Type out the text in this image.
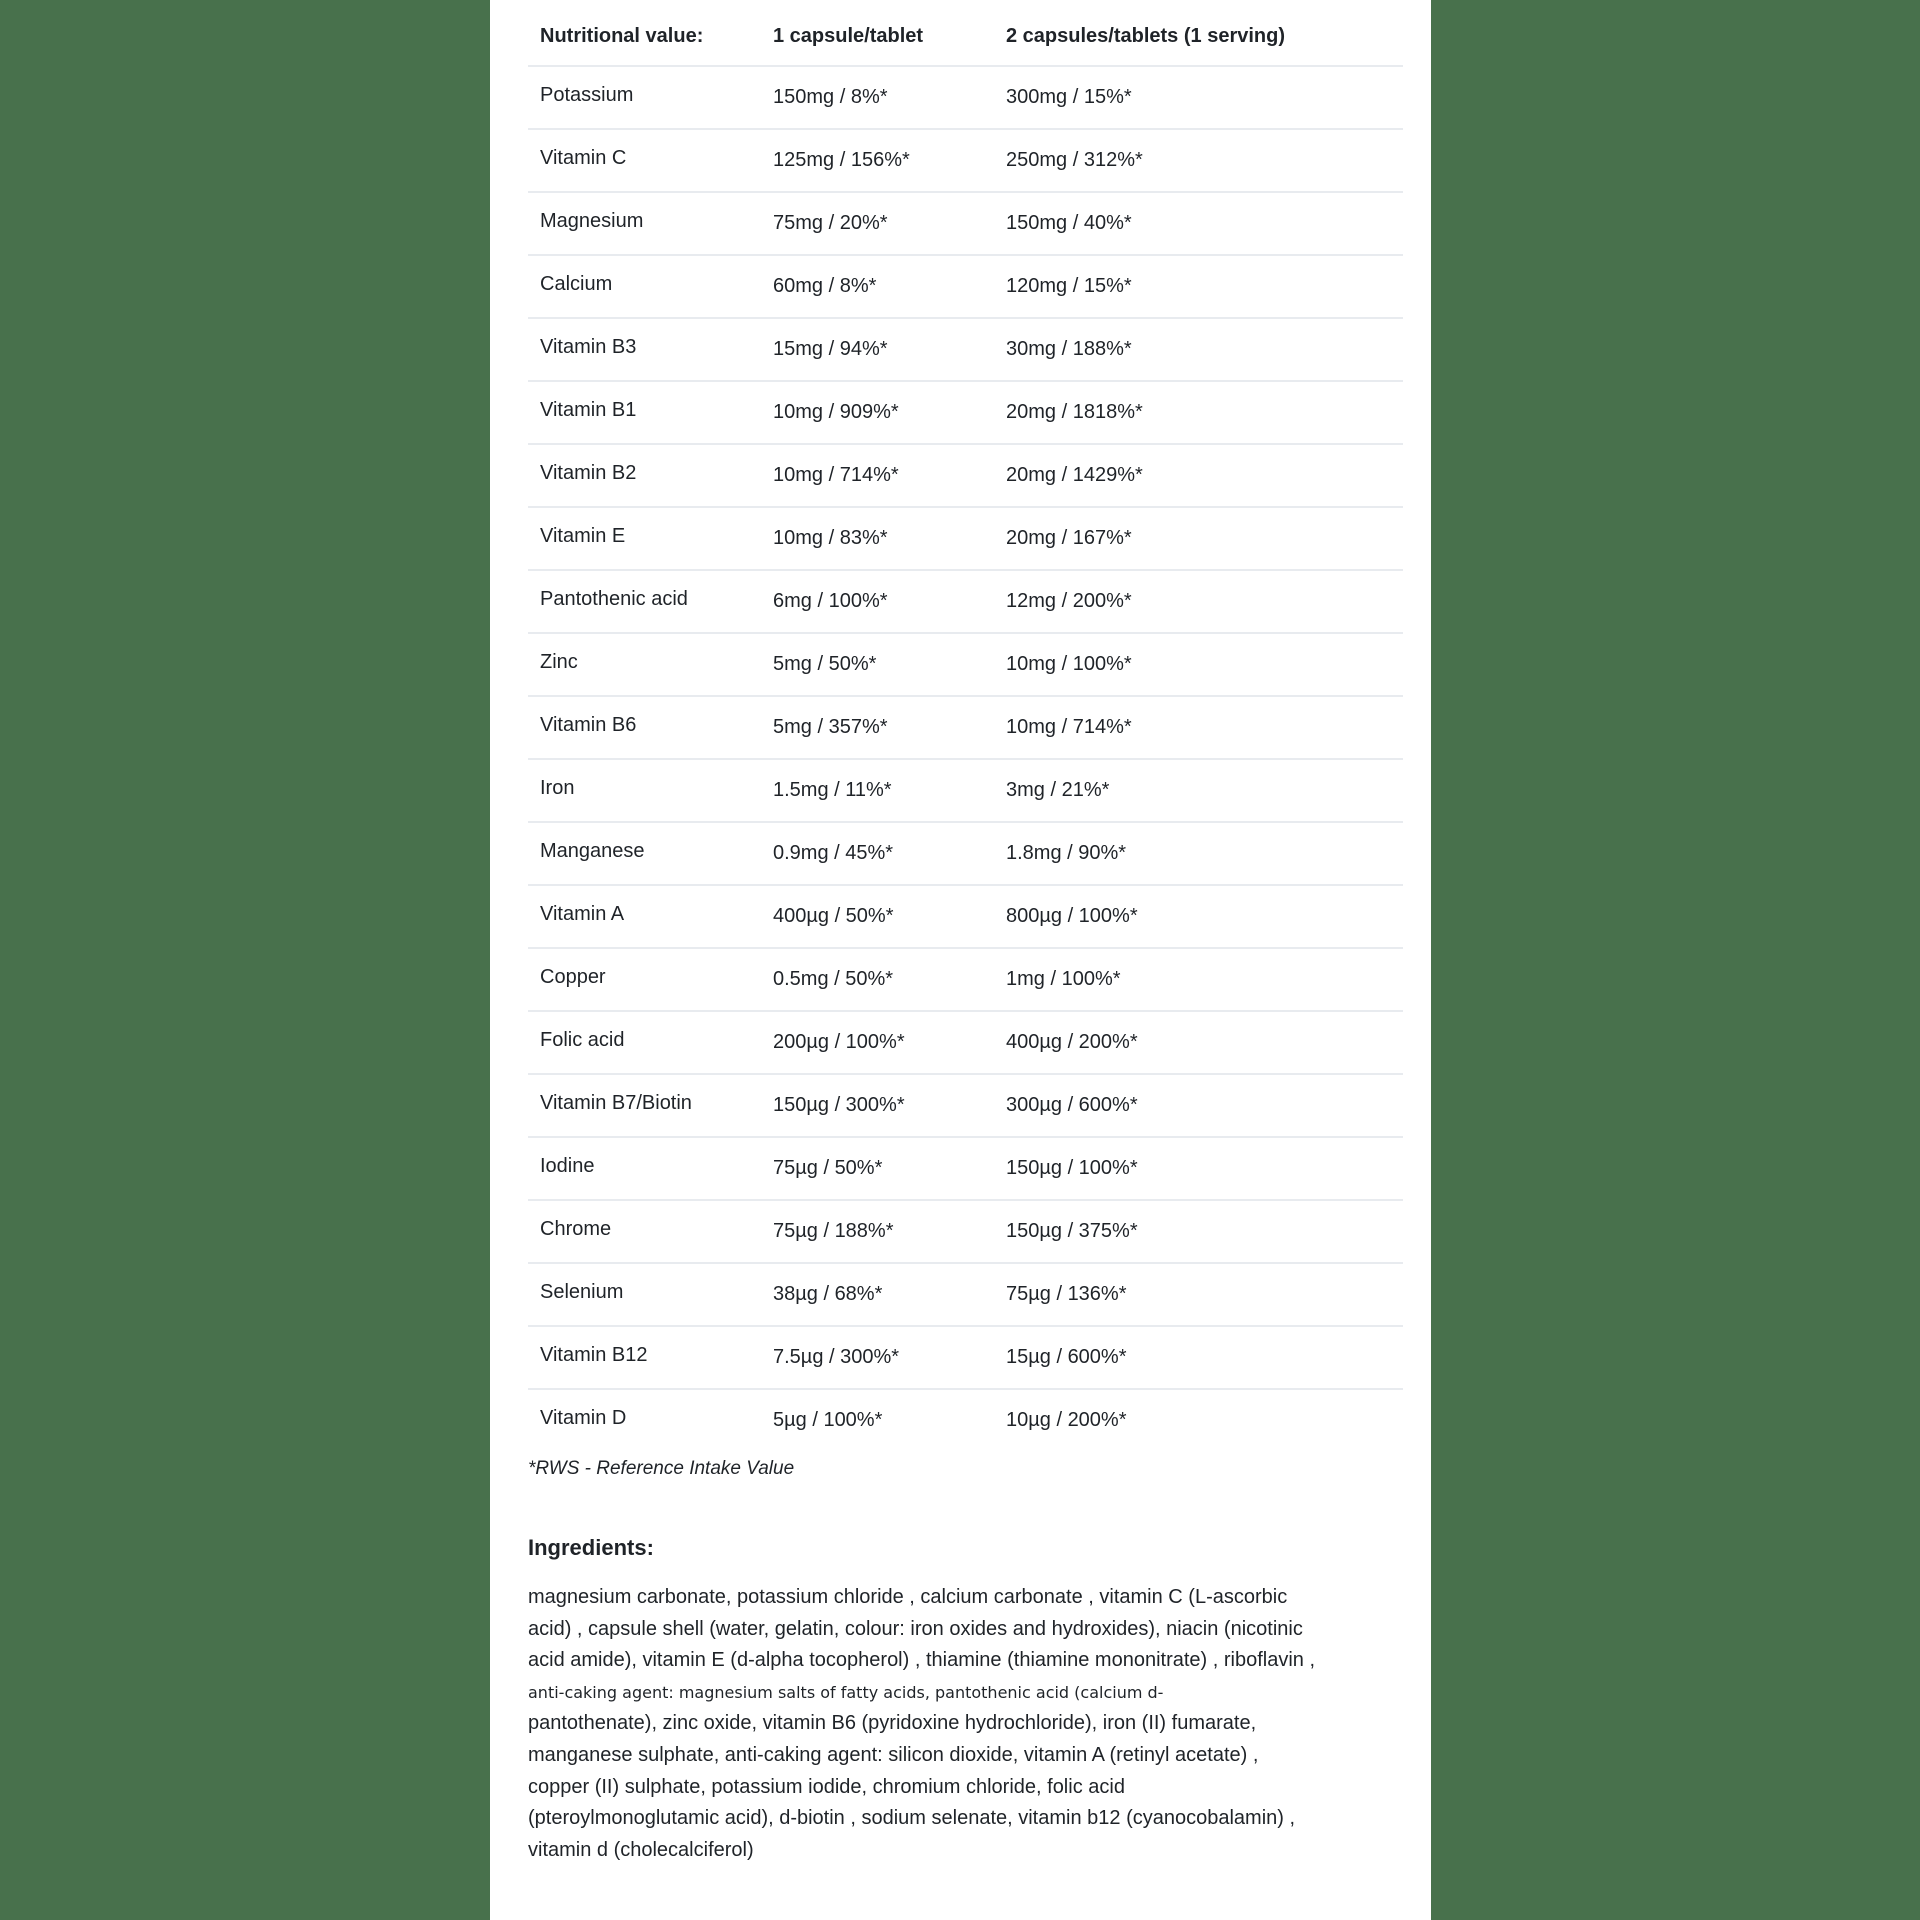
Nutritional value:	1 capsule/tablet	2 capsules/tablets (1 serving)
Potassium	150mg / 8%*	300mg / 15%*
Vitamin C	125mg / 156%*	250mg / 312%*
Magnesium	75mg / 20%*	150mg / 40%*
Calcium	60mg / 8%*	120mg / 15%*
Vitamin B3	15mg / 94%*	30mg / 188%*
Vitamin B1	10mg / 909%*	20mg / 1818%*
Vitamin B2	10mg / 714%*	20mg / 1429%*
Vitamin E	10mg / 83%*	20mg / 167%*
Pantothenic acid	6mg / 100%*	12mg / 200%*
Zinc	5mg / 50%*	10mg / 100%*
Vitamin B6	5mg / 357%*	10mg / 714%*
Iron	1.5mg / 11%*	3mg / 21%*
Manganese	0.9mg / 45%*	1.8mg / 90%*
Vitamin A	400µg / 50%*	800µg / 100%*
Copper	0.5mg / 50%*	1mg / 100%*
Folic acid	200µg / 100%*	400µg / 200%*
Vitamin B7/Biotin	150µg / 300%*	300µg / 600%*
Iodine	75µg / 50%*	150µg / 100%*
Chrome	75µg / 188%*	150µg / 375%*
Selenium	38µg / 68%*	75µg / 136%*
Vitamin B12	7.5µg / 300%*	15µg / 600%*
Vitamin D	5µg / 100%*	10µg / 200%*
*RWS - Reference Intake Value
Ingredients:
magnesium carbonate, potassium chloride , calcium carbonate , vitamin C (L-ascorbic
acid) , capsule shell (water, gelatin, colour: iron oxides and hydroxides), niacin (nicotinic
acid amide), vitamin E (d-alpha tocopherol) , thiamine (thiamine mononitrate) , riboflavin ,
anti-caking agent: magnesium salts of fatty acids, pantothenic acid (calcium d-
pantothenate), zinc oxide, vitamin B6 (pyridoxine hydrochloride), iron (II) fumarate,
manganese sulphate, anti-caking agent: silicon dioxide, vitamin A (retinyl acetate) ,
copper (II) sulphate, potassium iodide, chromium chloride, folic acid
(pteroylmonoglutamic acid), d-biotin , sodium selenate, vitamin b12 (cyanocobalamin) ,
vitamin d (cholecalciferol)
